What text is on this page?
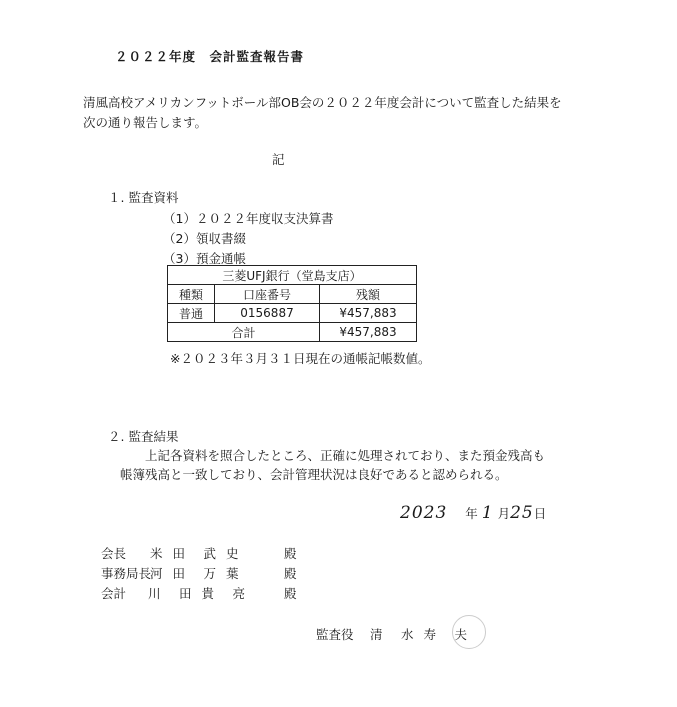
２０２２年度　会計監査報告書
清風高校アメリカンフットボール部OB会の２０２２年度会計について監査した結果を
次の通り報告します。
記
１. 監査資料
（1）２０２２年度収支決算書
（2）領収書綴
（3）預金通帳
三菱UFJ銀行（堂島支店）		
種類	口座番号	残額
普通	0156887	¥457,883
合計		¥457,883
※２０２３年３月３１日現在の通帳記帳数値。
２. 監査結果
上記各資料を照合したところ、正確に処理されており、また預金残高も
帳簿残高と一致しており、会計管理状況は良好であると認められる。
2023 年 1 月25日
会長 米 田　武 史	殿
事務局長
河 田　万 葉	殿
会計 川　田 貴　亮	殿
監査役 清　水 寿　夫
